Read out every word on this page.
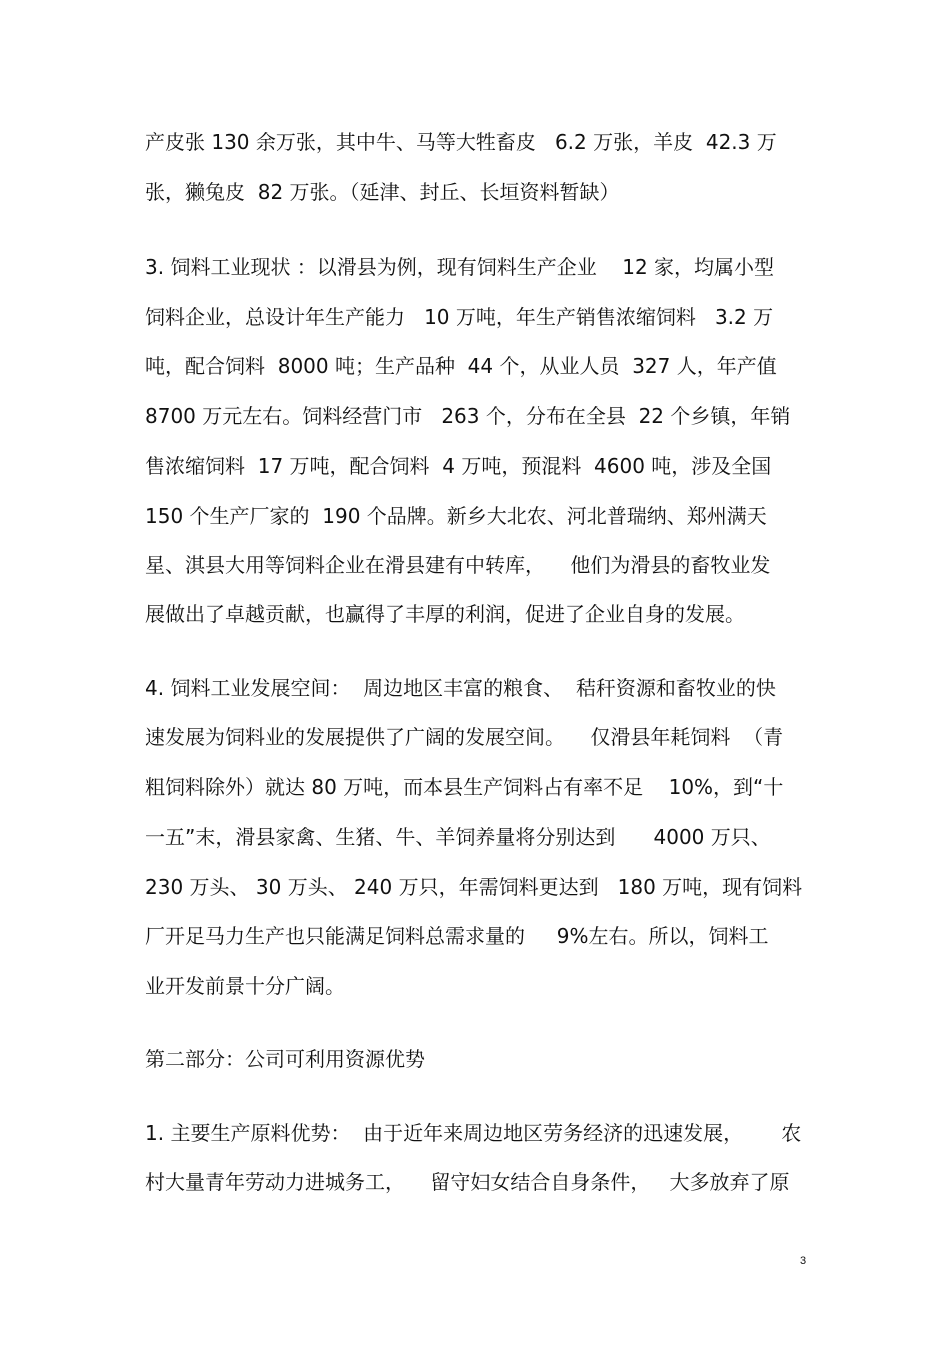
产皮张 130 余万张，其中牛、马等大牲畜皮   6.2 万张，羊皮  42.3 万
张，獭兔皮  82 万张。（延津、封丘、长垣资料暂缺）
3. 饲料工业现状 ：以滑县为例，现有饲料生产企业    12 家，均属小型
饲料企业，总设计年生产能力   10 万吨，年生产销售浓缩饲料   3.2 万
吨，配合饲料  8000 吨；生产品种  44 个，从业人员  327 人，年产值
8700 万元左右。饲料经营门市   263 个，分布在全县  22 个乡镇，年销
售浓缩饲料  17 万吨，配合饲料  4 万吨，预混料  4600 吨，涉及全国
150 个生产厂家的  190 个品牌。新乡大北农、河北普瑞纳、郑州满天
星、淇县大用等饲料企业在滑县建有中转库，    他们为滑县的畜牧业发
展做出了卓越贡献，也赢得了丰厚的利润，促进了企业自身的发展。
4. 饲料工业发展空间：  周边地区丰富的粮食、  秸秆资源和畜牧业的快
速发展为饲料业的发展提供了广阔的发展空间。    仅滑县年耗饲料  （青
粗饲料除外）就达 80 万吨，而本县生产饲料占有率不足    10%，到“十
一五”末，滑县家禽、生猪、牛、羊饲养量将分别达到      4000 万只、
230 万头、 30 万头、 240 万只，年需饲料更达到   180 万吨，现有饲料
厂开足马力生产也只能满足饲料总需求量的     9%左右。所以，饲料工
业开发前景十分广阔。
第二部分：公司可利用资源优势
1. 主要生产原料优势：  由于近年来周边地区劳务经济的迅速发展，      农
村大量青年劳动力进城务工，    留守妇女结合自身条件，   大多放弃了原
3
